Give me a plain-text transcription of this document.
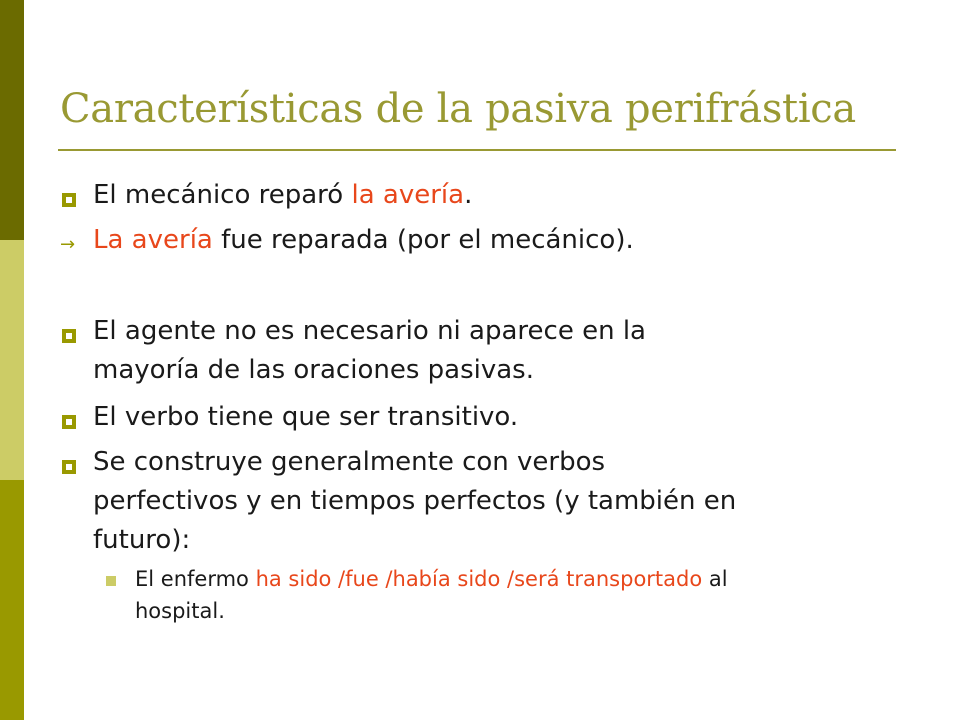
Características de la pasiva perifrástica
El mecánico reparó la avería.
→ La avería fue reparada (por el mecánico).
El agente no es necesario ni aparece en la
mayoría de las oraciones pasivas.
El verbo tiene que ser transitivo.
Se construye generalmente con verbos
perfectivos y en tiempos perfectos (y también en
futuro):
El enfermo ha sido /fue /había sido /será transportado al
hospital.
